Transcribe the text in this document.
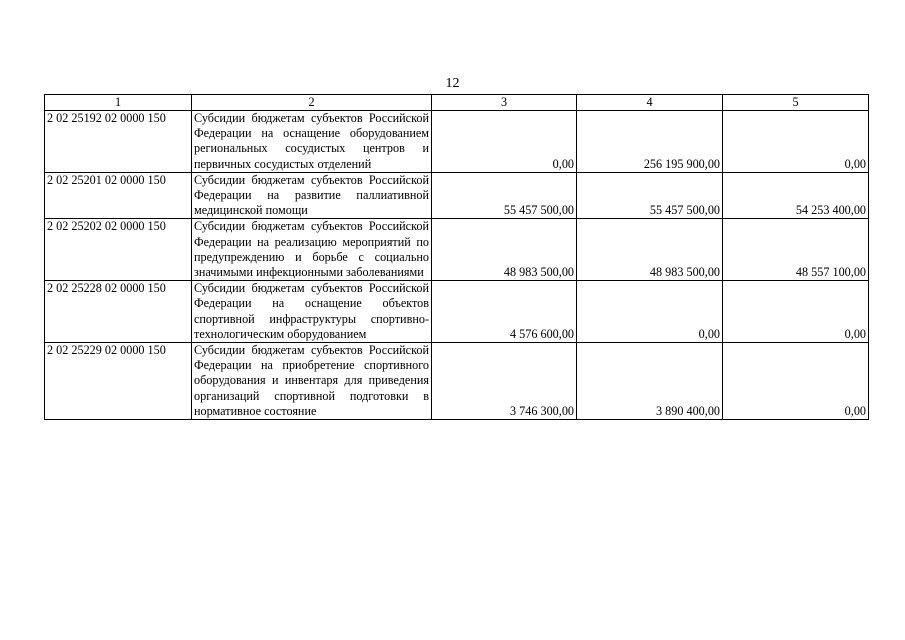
12
1	2	3	4	5
2 02 25192 02 0000 150	Субсидии бюджетам субъектов Российской Федерации на оснащение оборудованием региональных сосудистых центров и первичных сосудистых отделений	0,00	256 195 900,00	0,00
2 02 25201 02 0000 150	Субсидии бюджетам субъектов Российской Федерации на развитие паллиативной медицинской помощи	55 457 500,00	55 457 500,00	54 253 400,00
2 02 25202 02 0000 150	Субсидии бюджетам субъектов Российской Федерации на реализацию мероприятий по предупреждению и борьбе с социально значимыми инфекционными заболеваниями	48 983 500,00	48 983 500,00	48 557 100,00
2 02 25228 02 0000 150	Субсидии бюджетам субъектов Российской Федерации на оснащение объектов спортивной инфраструктуры спортивно-технологическим оборудованием	4 576 600,00	0,00	0,00
2 02 25229 02 0000 150	Субсидии бюджетам субъектов Российской Федерации на приобретение спортивного оборудования и инвентаря для приведения организаций спортивной подготовки в нормативное состояние	3 746 300,00	3 890 400,00	0,00
